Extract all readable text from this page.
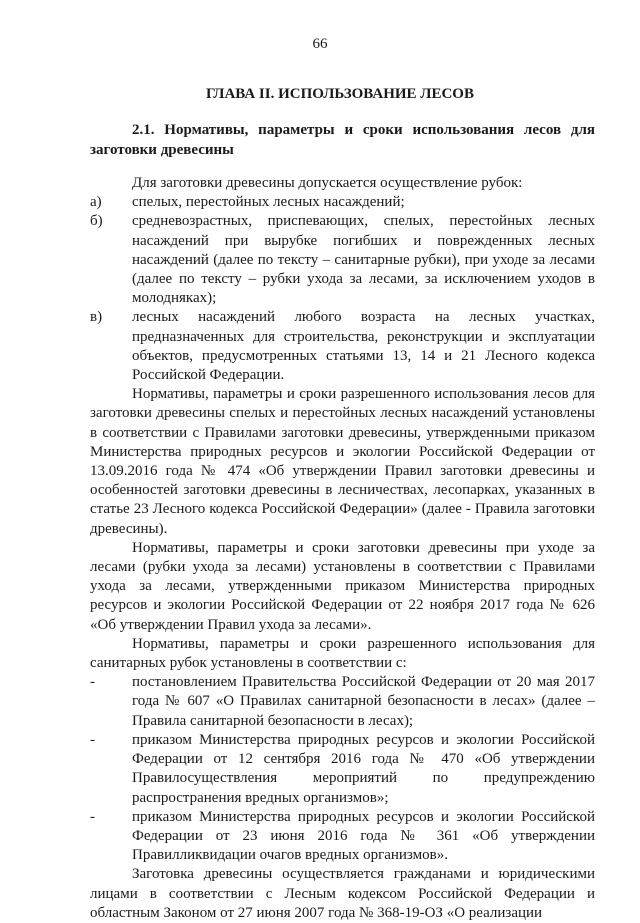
66
ГЛАВА II. ИСПОЛЬЗОВАНИЕ ЛЕСОВ
2.1. Нормативы, параметры и сроки использования лесов для заготовки древесины

Для заготовки древесины допускается осуществление рубок:

а)	спелых, перестойных лесных насаждений;
б)	средневозрастных, приспевающих, спелых, перестойных лесных насаждений при вырубке погибших и поврежденных лесных насаждений (далее по тексту – санитарные рубки), при уходе за лесами (далее по тексту – рубки ухода за лесами, за исключением уходов в молодняках);
в)	лесных насаждений любого возраста на лесных участках, предназначенных для строительства, реконструкции и эксплуатации объектов, предусмотренных статьями 13, 14 и 21 Лесного кодекса Российской Федерации.

Нормативы, параметры и сроки разрешенного использования лесов для заготовки древесины спелых и перестойных лесных насаждений установлены в соответствии с Правилами заготовки древесины, утвержденными приказом Министерства природных ресурсов и экологии Российской Федерации от 13.09.2016 года № 474 «Об утверждении Правил заготовки древесины и особенностей заготовки древесины в лесничествах, лесопарках, указанных в статье 23 Лесного кодекса Российской Федерации» (далее - Правила заготовки древесины).

Нормативы, параметры и сроки заготовки древесины при уходе за лесами (рубки ухода за лесами) установлены в соответствии с Правилами ухода за лесами, утвержденными приказом Министерства природных ресурсов и экологии Российской Федерации от 22 ноября 2017 года № 626 «Об утверждении Правил ухода за лесами».

Нормативы, параметры и сроки разрешенного использования для санитарных рубок установлены в соответствии с:

-	постановлением Правительства Российской Федерации от 20 мая 2017 года № 607 «О Правилах санитарной безопасности в лесах» (далее – Правила санитарной безопасности в лесах);
-	приказом Министерства природных ресурсов и экологии Российской Федерации от 12 сентября 2016 года № 470 «Об утверждении Правилосуществления мероприятий по предупреждению распространения вредных организмов»;
-	приказом Министерства природных ресурсов и экологии Российской Федерации от 23 июня 2016 года № 361 «Об утверждении Правилликвидации очагов вредных организмов».

Заготовка древесины осуществляется гражданами и юридическими лицами в соответствии с Лесным кодексом Российской Федерации и областным Законом от 27 июня 2007 года № 368-19-ОЗ «О реализации
